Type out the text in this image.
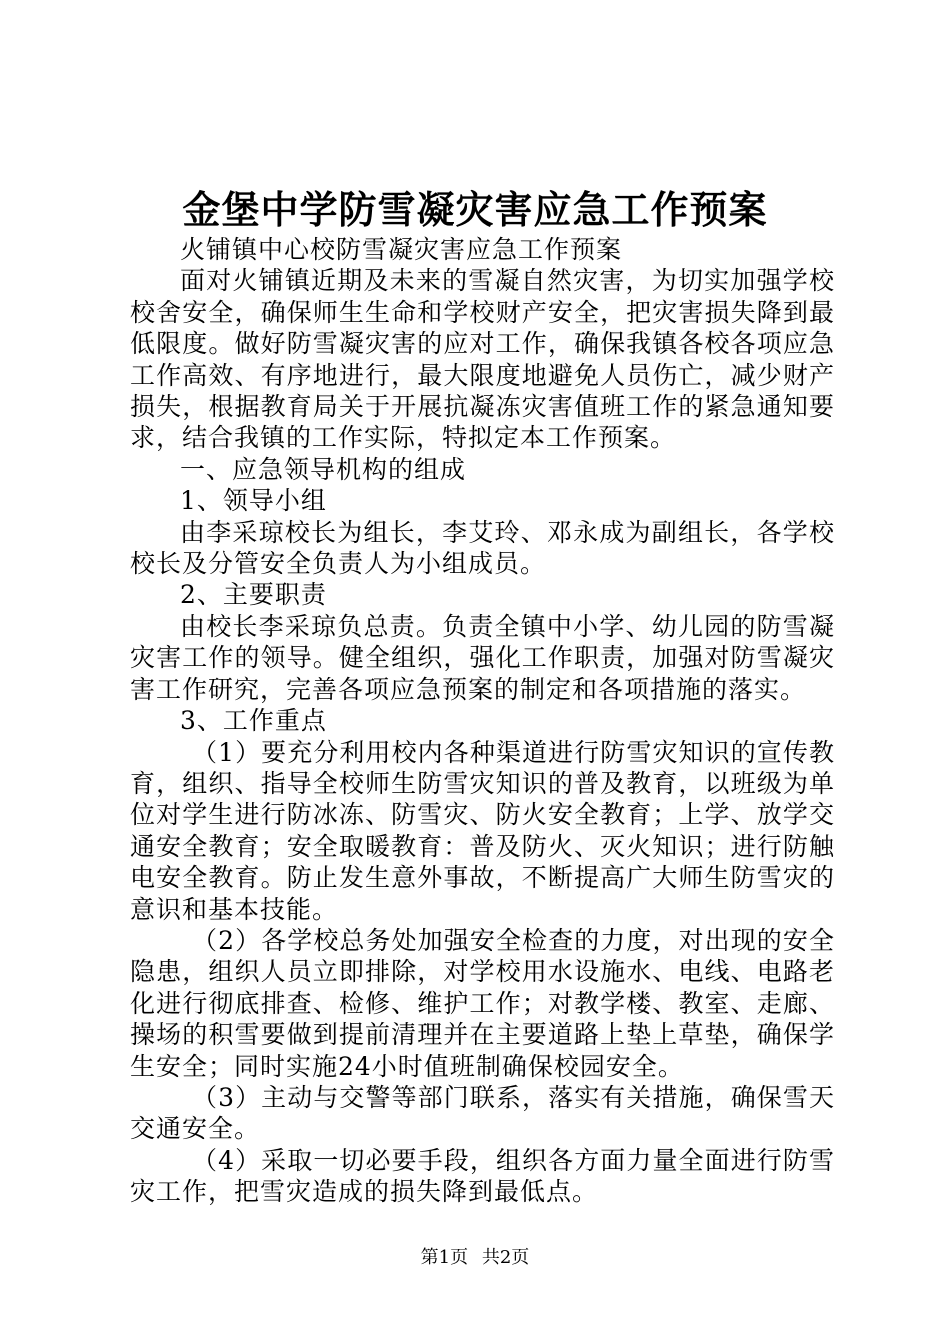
金堡中学防雪凝灾害应急工作预案

火铺镇中心校防雪凝灾害应急工作预案

面对火铺镇近期及未来的雪凝自然灾害，为切实加强学校校舍安全，确保师生生命和学校财产安全，把灾害损失降到最低限度。做好防雪凝灾害的应对工作，确保我镇各校各项应急工作高效、有序地进行，最大限度地避免人员伤亡，减少财产损失，根据教育局关于开展抗凝冻灾害值班工作的紧急通知要求，结合我镇的工作实际，特拟定本工作预案。

一、应急领导机构的组成

1、领导小组

由李采琼校长为组长，李艾玲、邓永成为副组长，各学校校长及分管安全负责人为小组成员。

2、主要职责

由校长李采琼负总责。负责全镇中小学、幼儿园的防雪凝灾害工作的领导。健全组织，强化工作职责，加强对防雪凝灾害工作研究，完善各项应急预案的制定和各项措施的落实。

3、工作重点

（1）要充分利用校内各种渠道进行防雪灾知识的宣传教育，组织、指导全校师生防雪灾知识的普及教育，以班级为单位对学生进行防冰冻、防雪灾、防火安全教育；上学、放学交通安全教育；安全取暖教育：普及防火、灭火知识；进行防触电安全教育。防止发生意外事故，不断提高广大师生防雪灾的意识和基本技能。

（2）各学校总务处加强安全检查的力度，对出现的安全隐患，组织人员立即排除，对学校用水设施水、电线、电路老化进行彻底排查、检修、维护工作；对教学楼、教室、走廊、操场的积雪要做到提前清理并在主要道路上垫上草垫，确保学生安全；同时实施24小时值班制确保校园安全。

（3）主动与交警等部门联系，落实有关措施，确保雪天交通安全。

（4）采取一切必要手段，组织各方面力量全面进行防雪灾工作，把雪灾造成的损失降到最低点。

第1页 共2页
